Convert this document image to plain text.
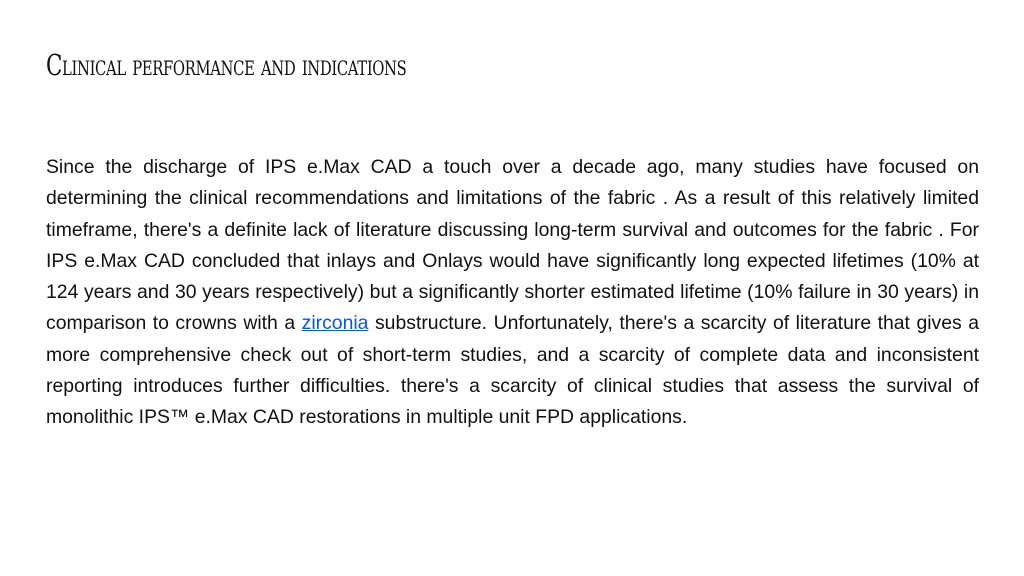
Clinical performance and indications

Since the discharge of IPS e.Max CAD a touch over a decade ago, many studies have focused on determining the clinical recommendations and limitations of the fabric . As a result of this relatively limited timeframe, there's a definite lack of literature discussing long-term survival and outcomes for the fabric . For IPS e.Max CAD concluded that inlays and Onlays would have significantly long expected lifetimes (10% at 124 years and 30 years respectively) but a significantly shorter estimated lifetime (10% failure in 30 years) in comparison to crowns with a zirconia substructure. Unfortunately, there's a scarcity of literature that gives a more comprehensive check out of short-term studies, and a scarcity of complete data and inconsistent reporting introduces further difficulties. there's a scarcity of clinical studies that assess the survival of monolithic IPS™ e.Max CAD restorations in multiple unit FPD applications.
